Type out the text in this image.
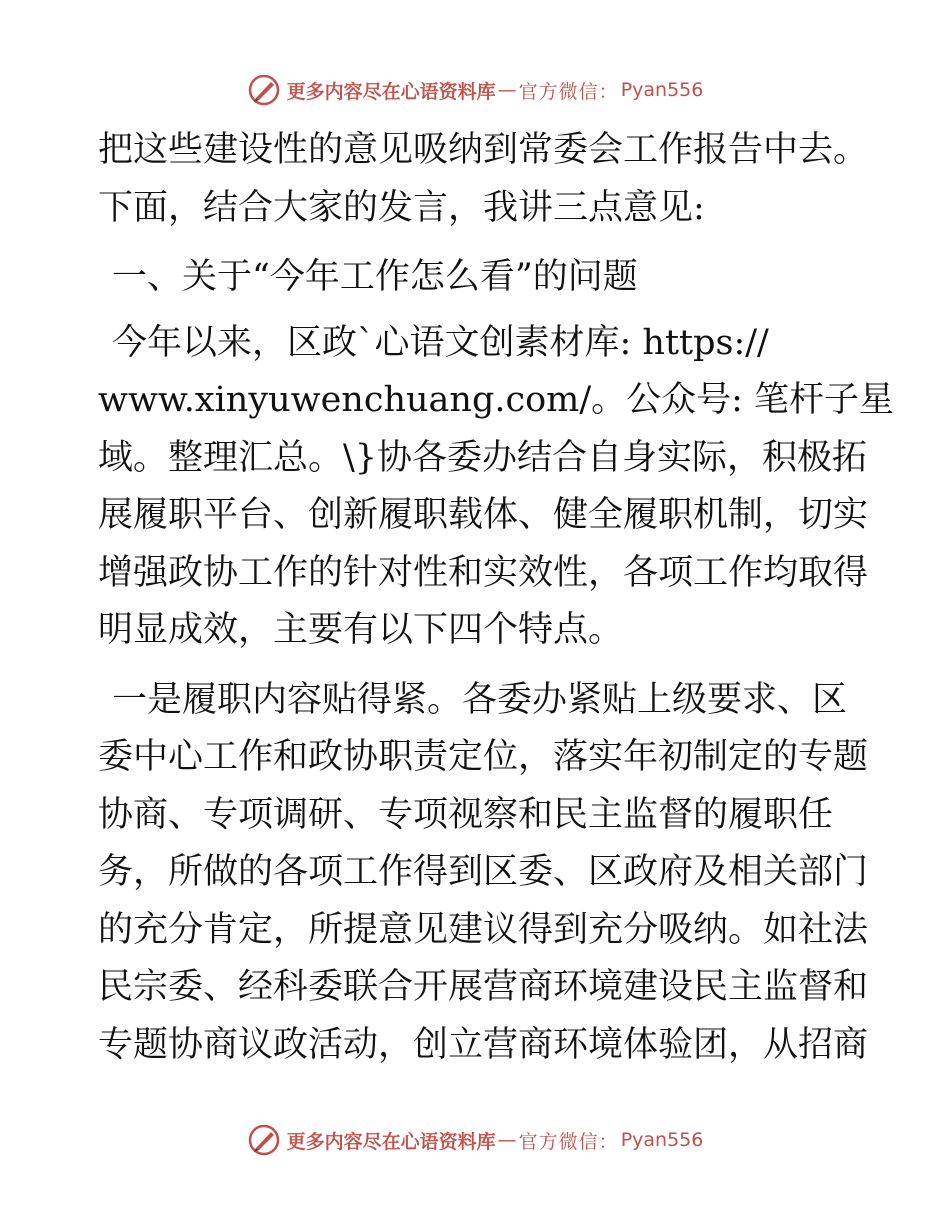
更多内容尽在心语资料库 — 官方微信： Pyan556

把这些建设性的意见吸纳到常委会工作报告中去。

下面，结合大家的发言，我讲三点意见:

一、关于“今年工作怎么看”的问题

今年以来，区政`心语文创素材库: https://

www.xinyuwenchuang.com/。公众号: 笔杆子星

域。整理汇总。\}协各委办结合自身实际，积极拓

展履职平台、创新履职载体、健全履职机制，切实

增强政协工作的针对性和实效性，各项工作均取得

明显成效，主要有以下四个特点。

一是履职内容贴得紧。各委办紧贴上级要求、区

委中心工作和政协职责定位，落实年初制定的专题

协商、专项调研、专项视察和民主监督的履职任

务，所做的各项工作得到区委、区政府及相关部门

的充分肯定，所提意见建议得到充分吸纳。如社法

民宗委、经科委联合开展营商环境建设民主监督和

专题协商议政活动，创立营商环境体验团，从招商

更多内容尽在心语资料库 — 官方微信： Pyan556
